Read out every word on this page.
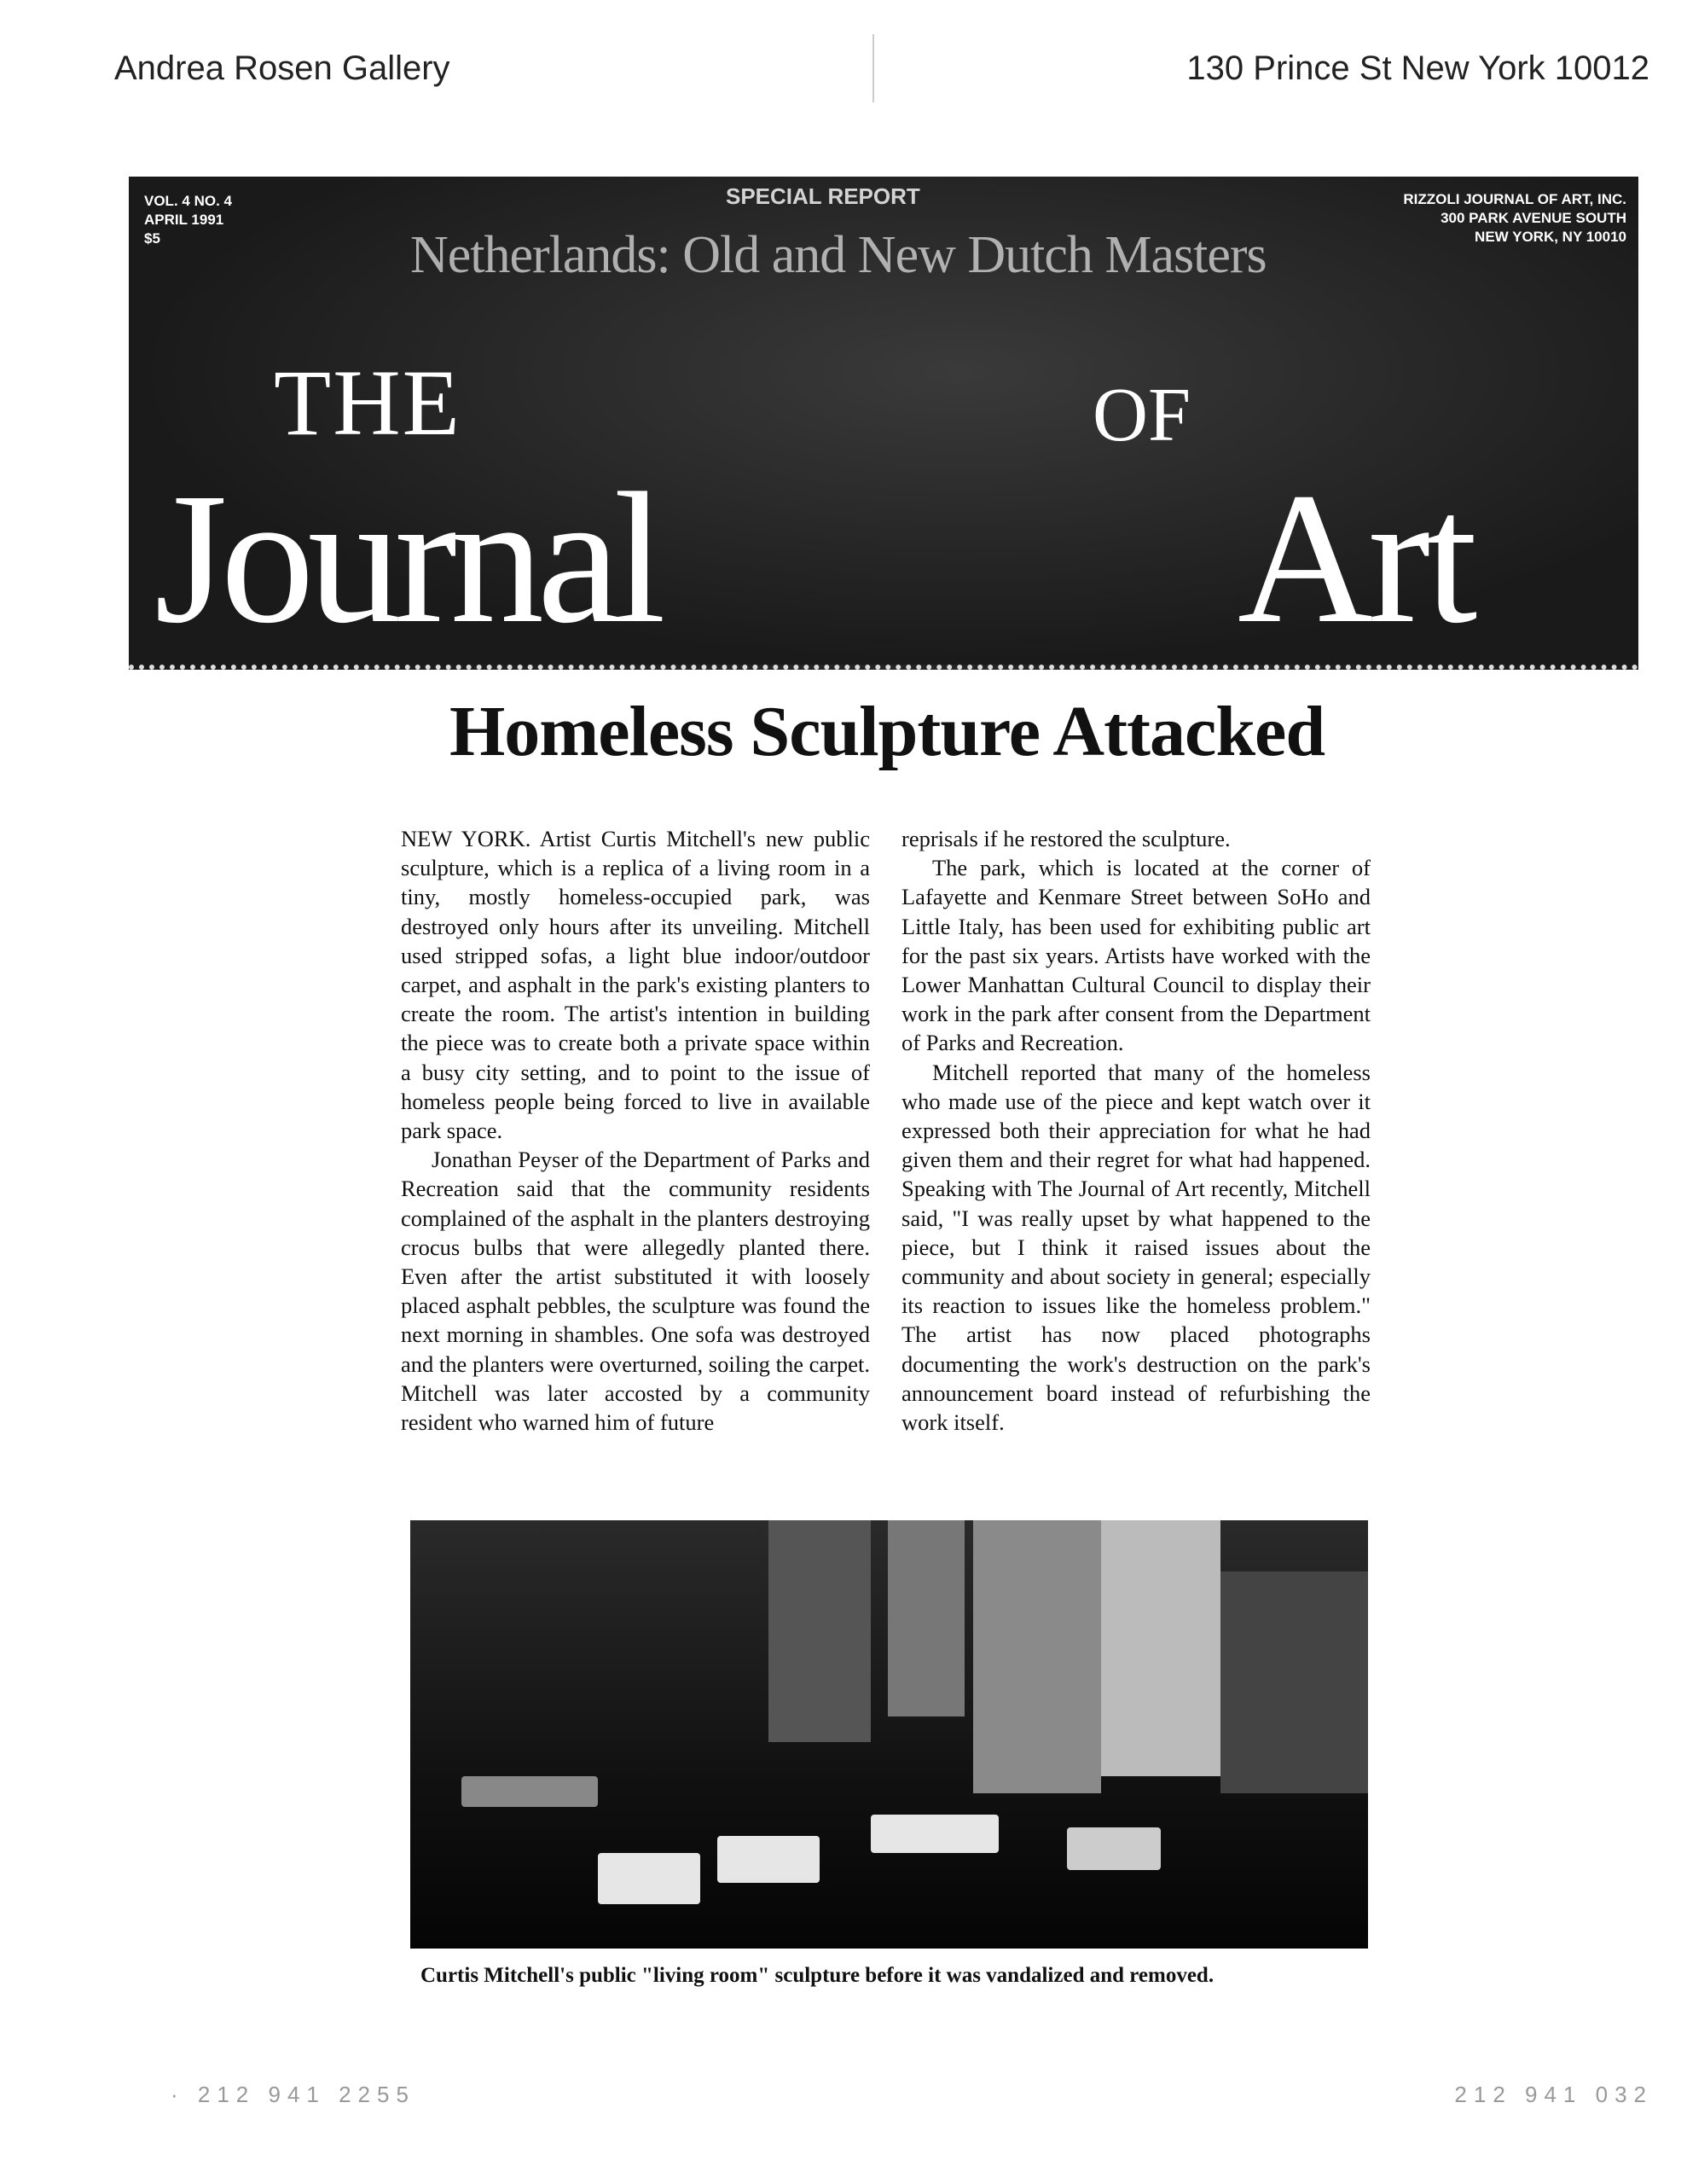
Andrea Rosen Gallery	130 Prince St New York 10012
VOL. 4 NO. 4
APRIL 1991
$5
SPECIAL REPORT
Netherlands: Old and New Dutch Masters
RIZZOLI JOURNAL OF ART, INC.
300 PARK AVENUE SOUTH
NEW YORK, NY 10010
THE
Journal
OF
Art
Homeless Sculpture Attacked

NEW YORK. Artist Curtis Mitchell's new public sculpture, which is a replica of a living room in a tiny, mostly homeless-occupied park, was destroyed only hours after its unveiling. Mitchell used stripped sofas, a light blue indoor/outdoor carpet, and asphalt in the park's existing planters to create the room. The artist's intention in building the piece was to create both a private space within a busy city setting, and to point to the issue of homeless people being forced to live in available park space.

Jonathan Peyser of the Department of Parks and Recreation said that the community residents complained of the asphalt in the planters destroying crocus bulbs that were allegedly planted there. Even after the artist substituted it with loosely placed asphalt pebbles, the sculpture was found the next morning in shambles. One sofa was destroyed and the planters were overturned, soiling the carpet. Mitchell was later accosted by a community resident who warned him of future

reprisals if he restored the sculpture.

The park, which is located at the corner of Lafayette and Kenmare Street between SoHo and Little Italy, has been used for exhibiting public art for the past six years. Artists have worked with the Lower Manhattan Cultural Council to display their work in the park after consent from the Department of Parks and Recreation.

Mitchell reported that many of the homeless who made use of the piece and kept watch over it expressed both their appreciation for what he had given them and their regret for what had happened. Speaking with The Journal of Art recently, Mitchell said, "I was really upset by what happened to the piece, but I think it raised issues about the community and about society in general; especially its reaction to issues like the homeless problem." The artist has now placed photographs documenting the work's destruction on the park's announcement board instead of refurbishing the work itself.

Curtis Mitchell's public "living room" sculpture before it was vandalized and removed.
· 212 941 2255	212 941 032
